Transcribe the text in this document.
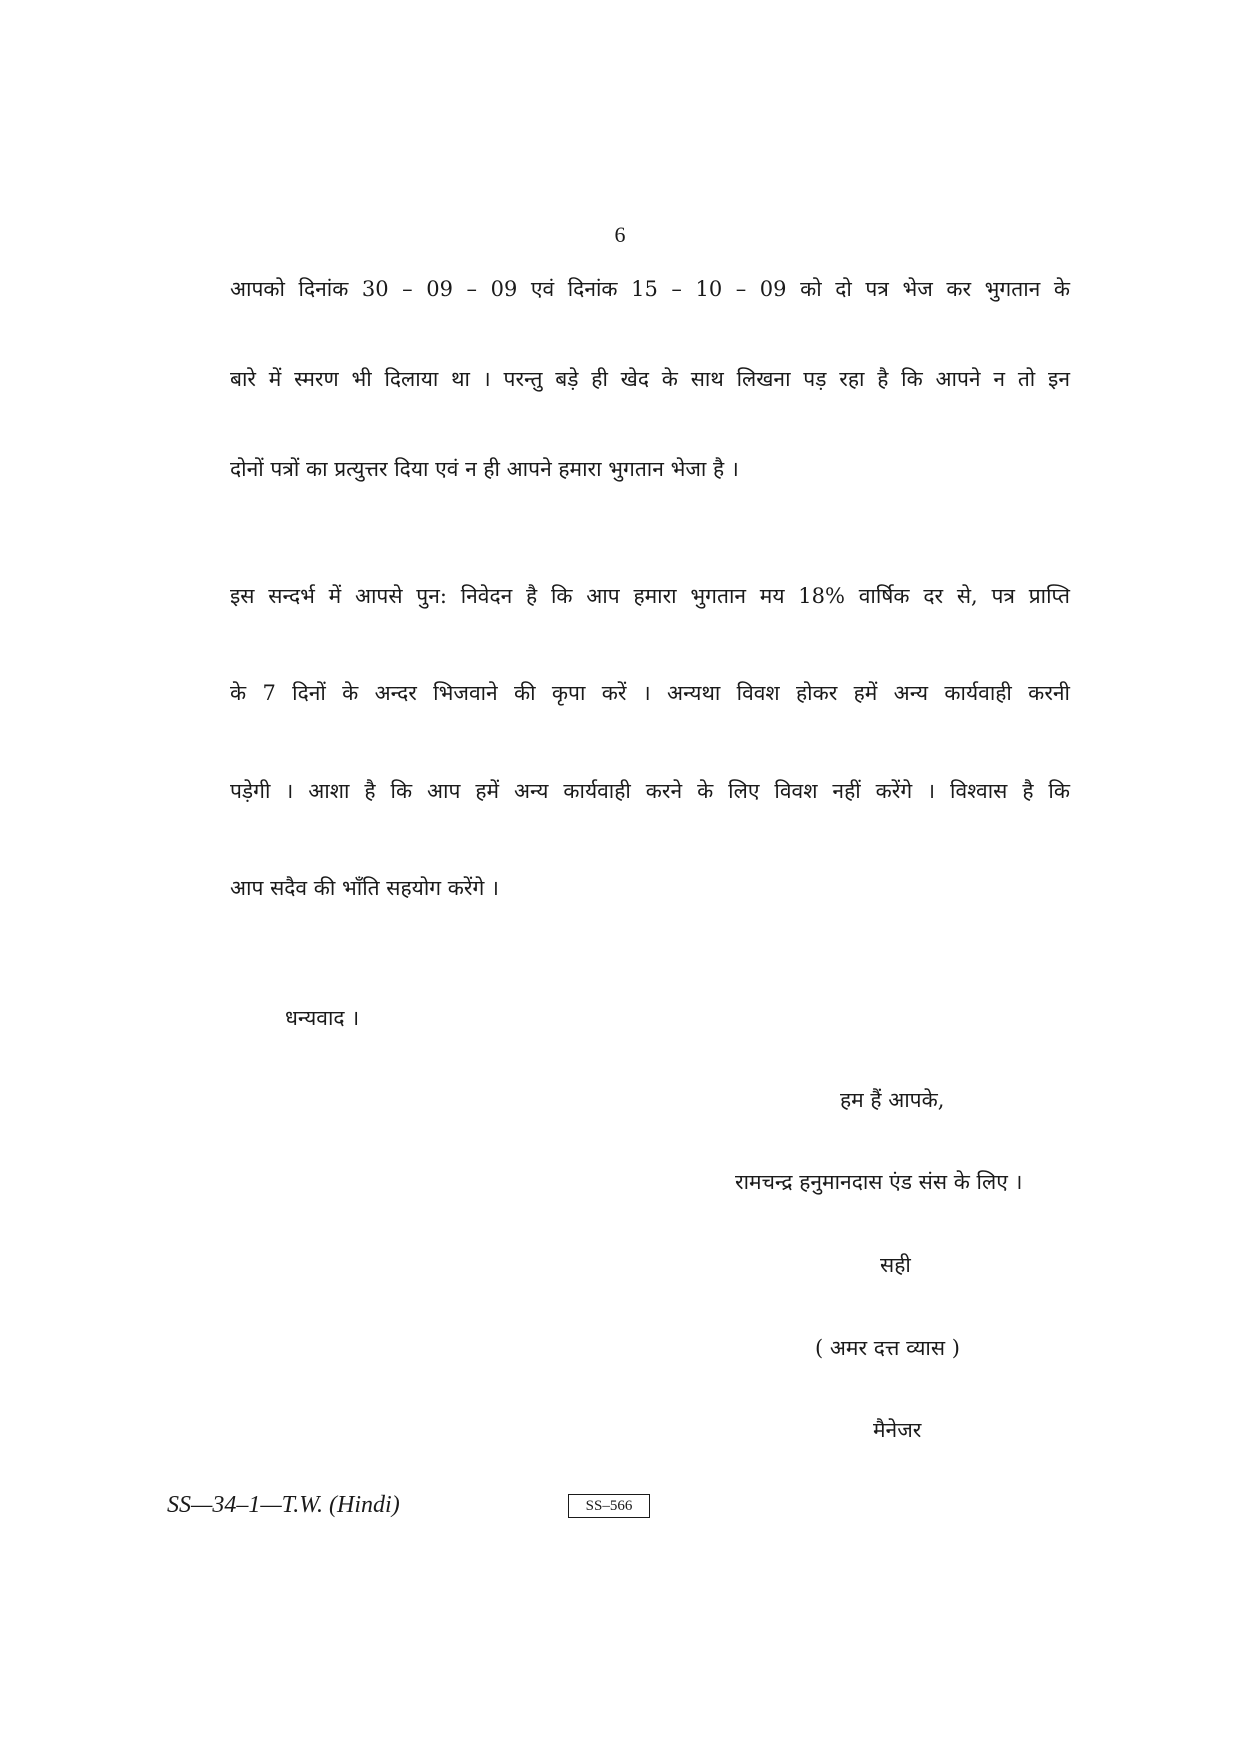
6
आपको दिनांक 30 – 09 – 09 एवं दिनांक 15 – 10 – 09 को दो पत्र भेज कर भुगतान के
बारे में स्मरण भी दिलाया था । परन्तु बड़े ही खेद के साथ लिखना पड़ रहा है कि आपने न तो इन
दोनों पत्रों का प्रत्युत्तर दिया एवं न ही आपने हमारा भुगतान भेजा है ।
इस सन्दर्भ में आपसे पुन: निवेदन है कि आप हमारा भुगतान मय 18% वार्षिक दर से, पत्र प्राप्ति
के 7 दिनों के अन्दर भिजवाने की कृपा करें । अन्यथा विवश होकर हमें अन्य कार्यवाही करनी
पड़ेगी । आशा है कि आप हमें अन्य कार्यवाही करने के लिए विवश नहीं करेंगे । विश्वास है कि
आप सदैव की भाँति सहयोग करेंगे ।
धन्यवाद ।
हम हैं आपके,
रामचन्द्र हनुमानदास एंड संस के लिए ।
सही
( अमर दत्त व्यास )
मैनेजर
SS—34–1—T.W. (Hindi)	SS–566
